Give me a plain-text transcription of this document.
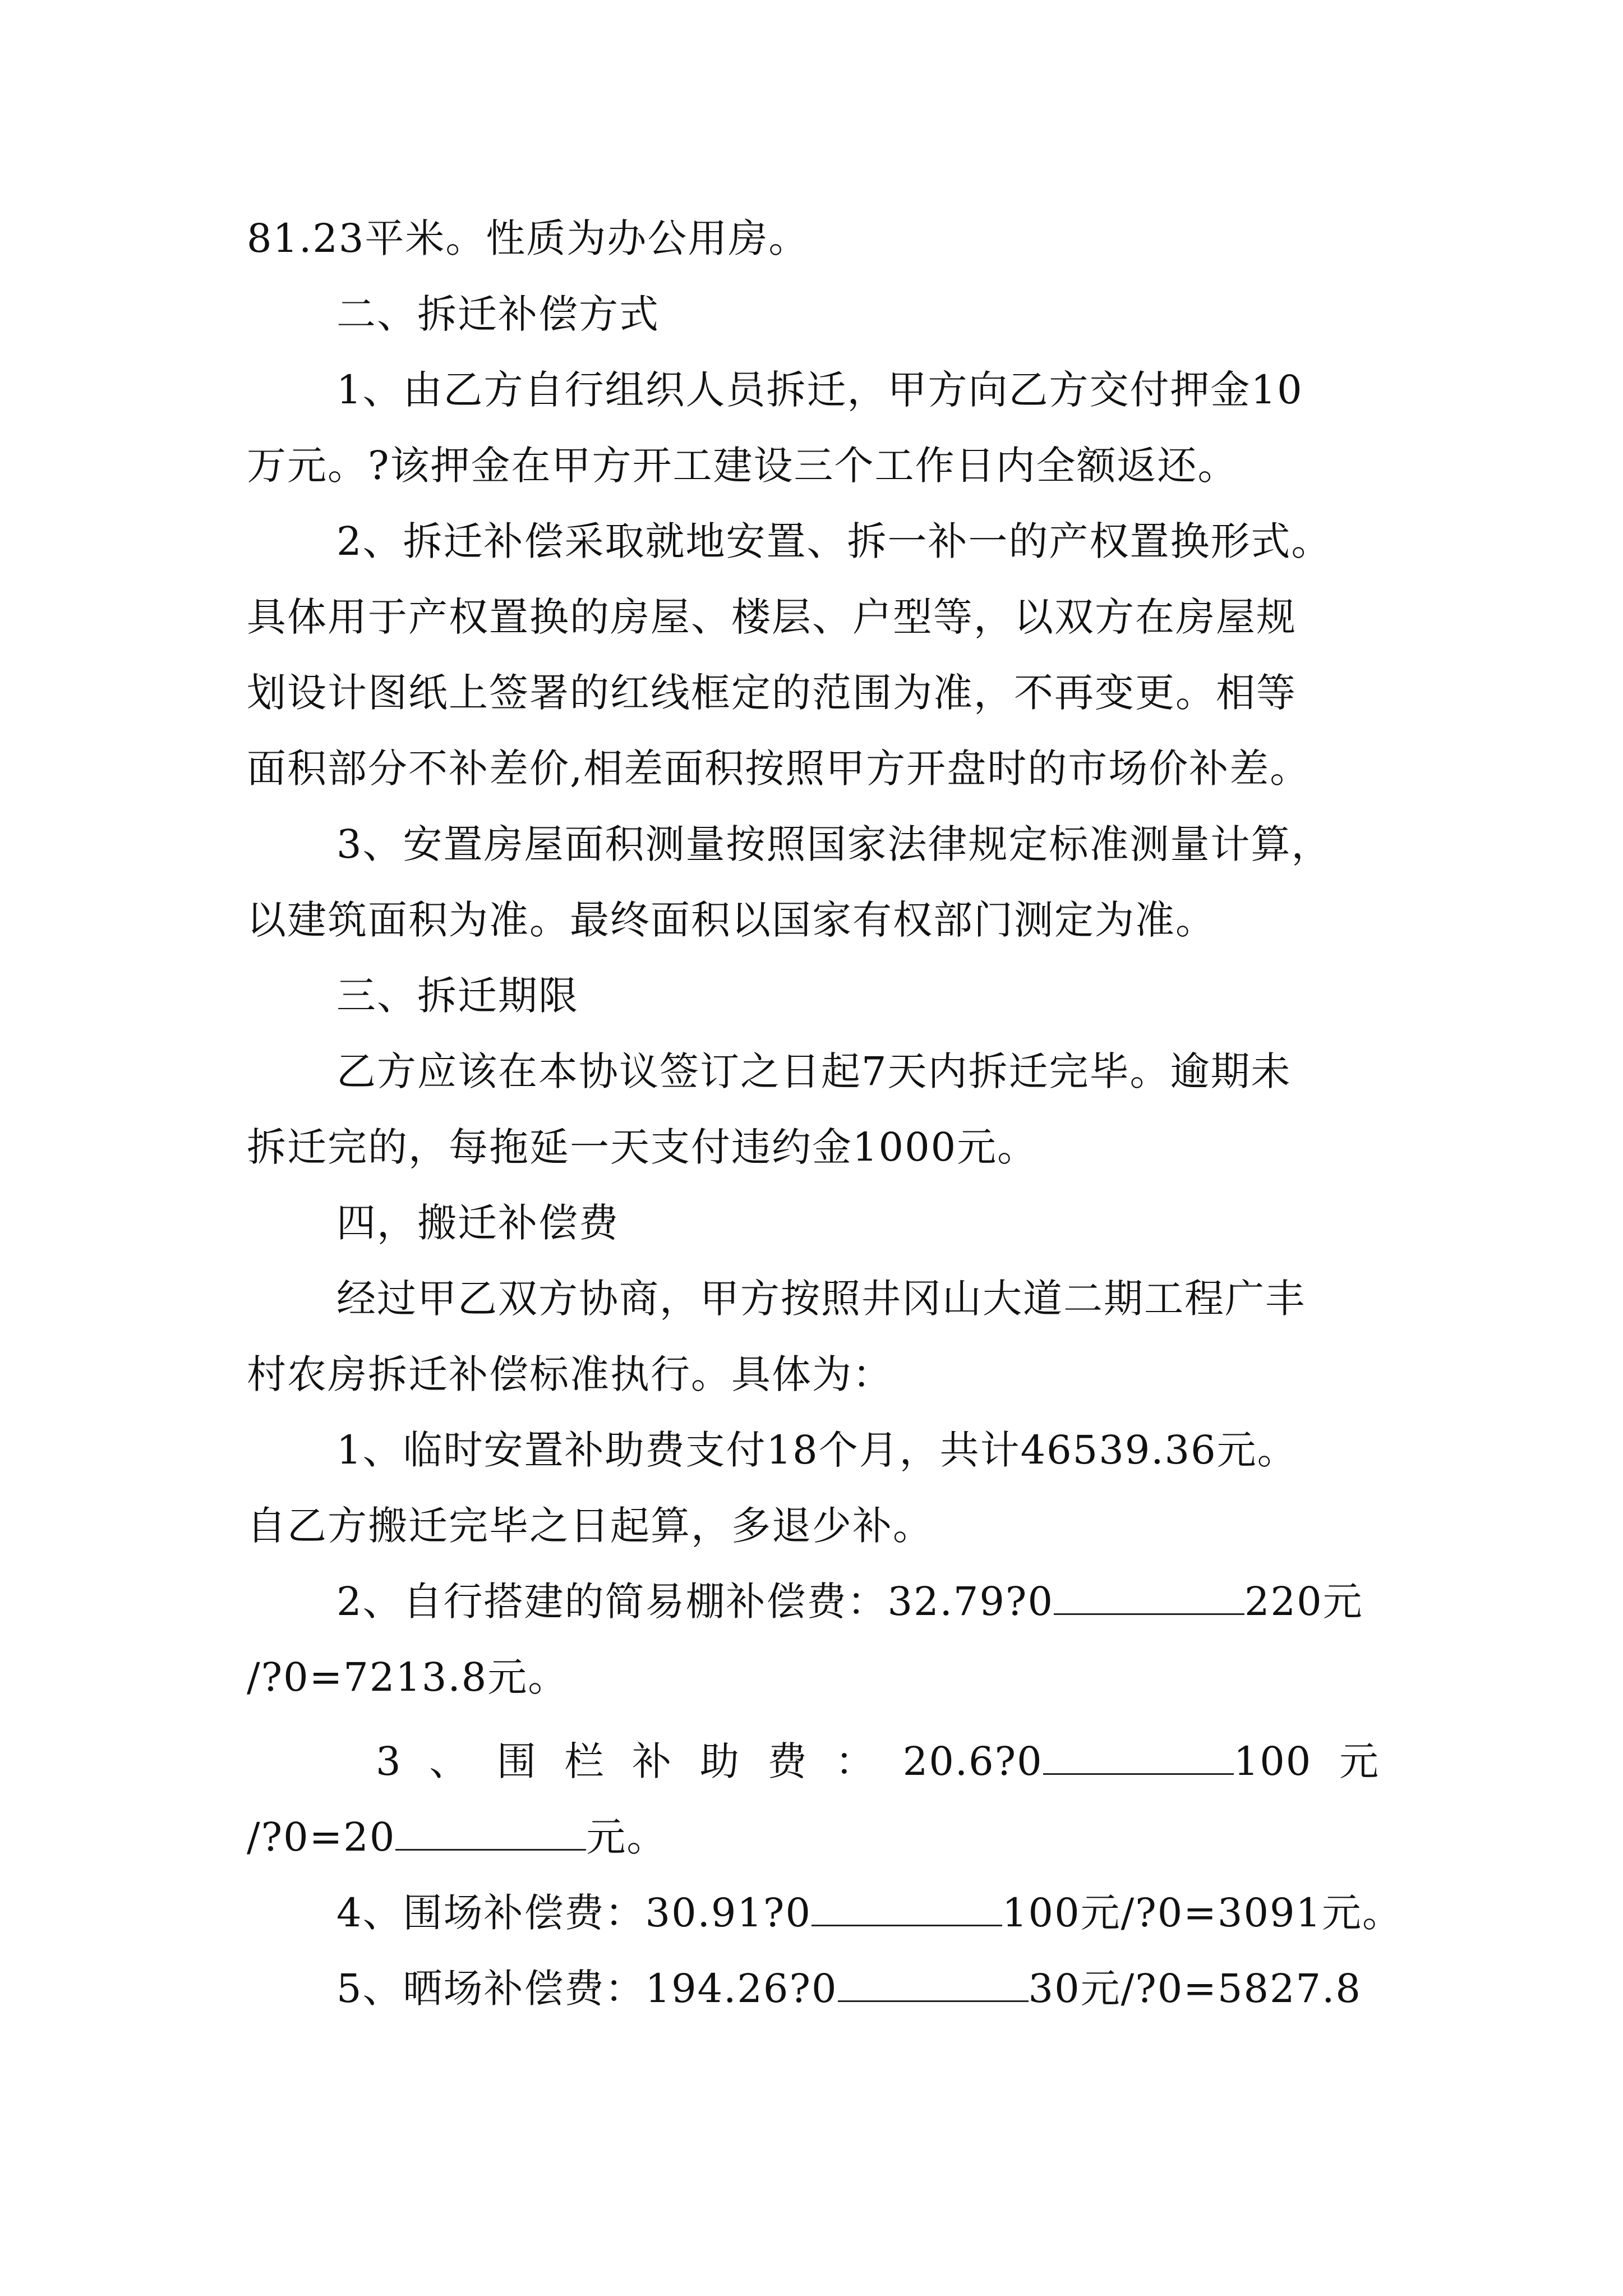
81.23平米。性质为办公用房。
二、拆迁补偿方式
1、由乙方自行组织人员拆迁，甲方向乙方交付押金10
万元。?该押金在甲方开工建设三个工作日内全额返还。
2、拆迁补偿采取就地安置、拆一补一的产权置换形式。
具体用于产权置换的房屋、楼层、户型等，以双方在房屋规
划设计图纸上签署的红线框定的范围为准，不再变更。相等
面积部分不补差价,相差面积按照甲方开盘时的市场价补差。
3、安置房屋面积测量按照国家法律规定标准测量计算，
以建筑面积为准。最终面积以国家有权部门测定为准。
三、拆迁期限
乙方应该在本协议签订之日起7天内拆迁完毕。逾期未
拆迁完的，每拖延一天支付违约金1000元。
四，搬迁补偿费
经过甲乙双方协商，甲方按照井冈山大道二期工程广丰
村农房拆迁补偿标准执行。具体为：
1、临时安置补助费支付18个月，共计46539.36元。
自乙方搬迁完毕之日起算，多退少补。
2、自行搭建的简易棚补偿费：32.79?0	220元
/?0=7213.8元。
3 、 围 栏 补 助 费 ： 20.6?0	100 元
/?0=20	元。
4、围场补偿费：30.91?0	100元/?0=3091元。
5、晒场补偿费：194.26?0	30元/?0=5827.8
